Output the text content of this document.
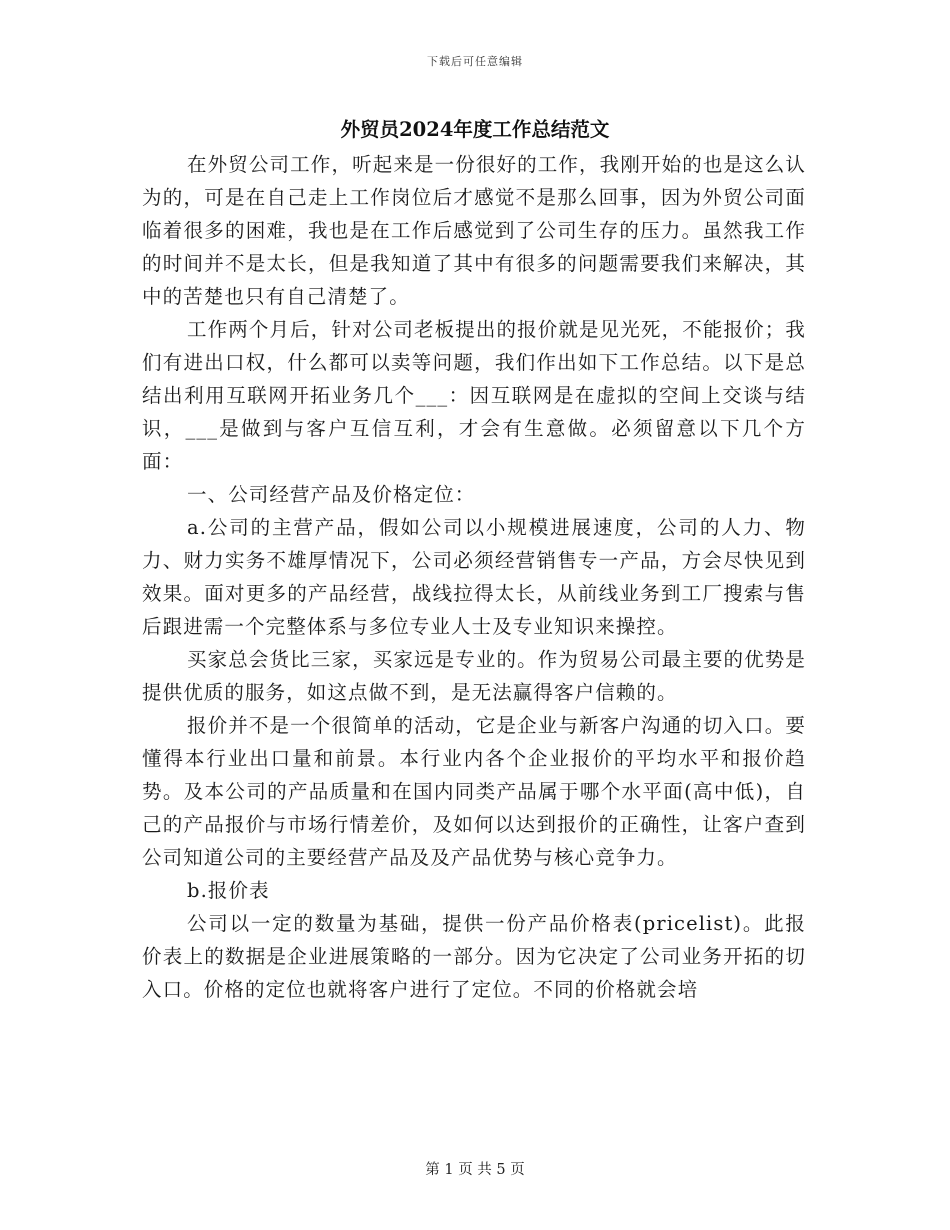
下载后可任意编辑
外贸员2024年度工作总结范文

在外贸公司工作，听起来是一份很好的工作，我刚开始的也是这么认为的，可是在自己走上工作岗位后才感觉不是那么回事，因为外贸公司面临着很多的困难，我也是在工作后感觉到了公司生存的压力。虽然我工作的时间并不是太长，但是我知道了其中有很多的问题需要我们来解决，其中的苦楚也只有自己清楚了。

工作两个月后，针对公司老板提出的报价就是见光死，不能报价；我们有进出口权，什么都可以卖等问题，我们作出如下工作总结。以下是总结出利用互联网开拓业务几个___：因互联网是在虚拟的空间上交谈与结识，___是做到与客户互信互利，才会有生意做。必须留意以下几个方面：

一、公司经营产品及价格定位：

a.公司的主营产品，假如公司以小规模进展速度，公司的人力、物力、财力实务不雄厚情况下，公司必须经营销售专一产品，方会尽快见到效果。面对更多的产品经营，战线拉得太长，从前线业务到工厂搜索与售后跟进需一个完整体系与多位专业人士及专业知识来操控。

买家总会货比三家，买家远是专业的。作为贸易公司最主要的优势是提供优质的服务，如这点做不到，是无法赢得客户信赖的。

报价并不是一个很简单的活动，它是企业与新客户沟通的切入口。要懂得本行业出口量和前景。本行业内各个企业报价的平均水平和报价趋势。及本公司的产品质量和在国内同类产品属于哪个水平面(高中低)，自己的产品报价与市场行情差价，及如何以达到报价的正确性，让客户查到公司知道公司的主要经营产品及及产品优势与核心竞争力。

b.报价表

公司以一定的数量为基础，提供一份产品价格表(pricelist)。此报价表上的数据是企业进展策略的一部分。因为它决定了公司业务开拓的切入口。价格的定位也就将客户进行了定位。不同的价格就会培

第 1 页 共 5 页
